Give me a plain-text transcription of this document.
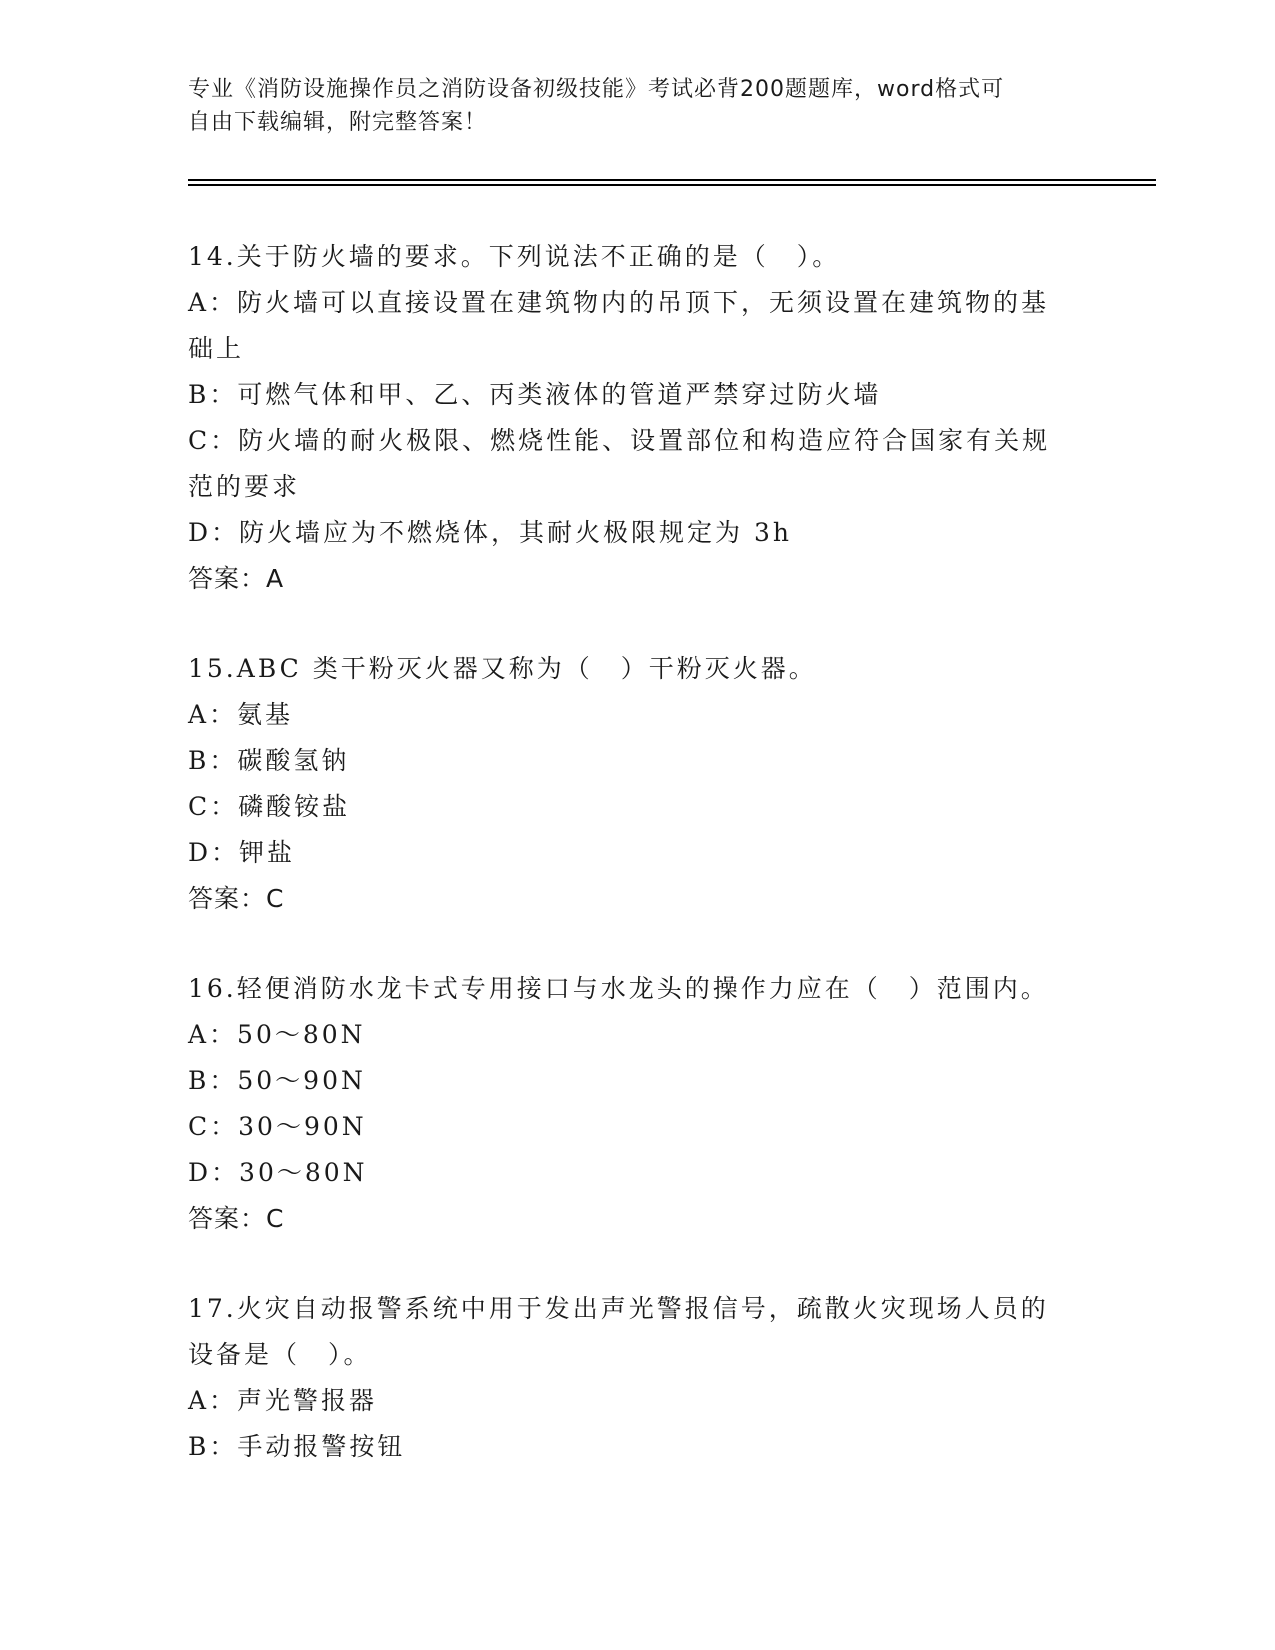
专业《消防设施操作员之消防设备初级技能》考试必背200题题库，word格式可
自由下载编辑，附完整答案！
14.关于防火墙的要求。下列说法不正确的是（　）。
A：防火墙可以直接设置在建筑物内的吊顶下，无须设置在建筑物的基
础上
B：可燃气体和甲、乙、丙类液体的管道严禁穿过防火墙
C：防火墙的耐火极限、燃烧性能、设置部位和构造应符合国家有关规
范的要求
D：防火墙应为不燃烧体，其耐火极限规定为 3h
答案：A
15.ABC 类干粉灭火器又称为（　）干粉灭火器。
A：氨基
B：碳酸氢钠
C：磷酸铵盐
D：钾盐
答案：C
16.轻便消防水龙卡式专用接口与水龙头的操作力应在（　）范围内。
A：50～80N
B：50～90N
C：30～90N
D：30～80N
答案：C
17.火灾自动报警系统中用于发出声光警报信号，疏散火灾现场人员的
设备是（　）。
A：声光警报器
B：手动报警按钮
